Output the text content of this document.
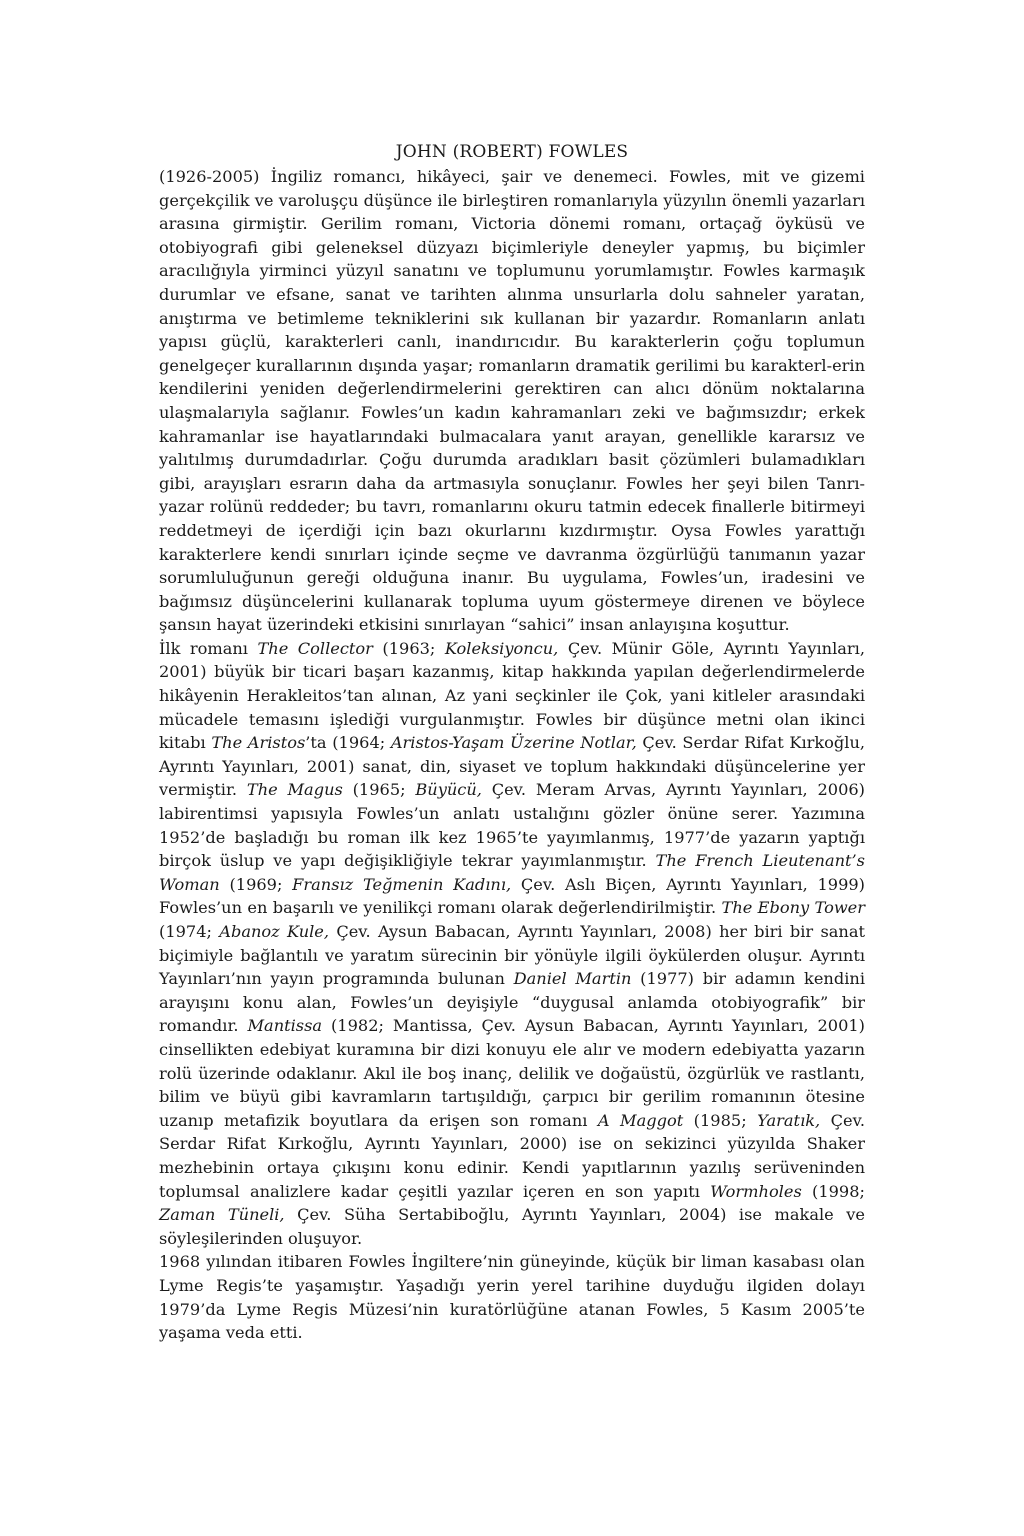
JOHN (ROBERT) FOWLES

(1926-2005) İngiliz romancı, hikâyeci, şair ve denemeci. Fowles, mit ve gizemi gerçekçilik ve varoluşçu düşünce ile birleştiren romanlarıyla yüzyılın önemli yazarları arasına girmiştir. Gerilim romanı, Victoria dönemi romanı, ortaçağ öyküsü ve otobiyografi gibi geleneksel düzyazı biçimleriyle deneyler yapmış, bu biçimler aracılığıyla yirminci yüzyıl sanatını ve toplumunu yorumlamıştır. Fowles karmaşık durumlar ve efsane, sanat ve tarihten alınma unsurlarla dolu sahneler yaratan, anıştırma ve betimleme tekniklerini sık kullanan bir yazardır. Romanların anlatı yapısı güçlü, karakterleri canlı, inandırıcıdır. Bu karakterlerin çoğu toplumun genelgeçer kurallarının dışında yaşar; romanların dramatik gerilimi bu karakterl-erin kendilerini yeniden değerlendirmelerini gerektiren can alıcı dönüm noktalarına ulaşmalarıyla sağlanır. Fowles’un kadın kahramanları zeki ve bağımsızdır; erkek kahramanlar ise hayatlarındaki bulmacalara yanıt arayan, genellikle kararsız ve yalıtılmış durumdadırlar. Çoğu durumda aradıkları basit çözümleri bulamadıkları gibi, arayışları esrarın daha da artmasıyla sonuçlanır. Fowles her şeyi bilen Tanrı-yazar rolünü reddeder; bu tavrı, romanlarını okuru tatmin edecek finallerle bitirmeyi reddetmeyi de içerdiği için bazı okurlarını kızdırmıştır. Oysa Fowles yarattığı karakterlere kendi sınırları içinde seçme ve davranma özgürlüğü tanımanın yazar sorumluluğunun gereği olduğuna inanır. Bu uygulama, Fowles’un, iradesini ve bağımsız düşüncelerini kullanarak topluma uyum göstermeye direnen ve böylece şansın hayat üzerindeki etkisini sınırlayan “sahici” insan anlayışına koşuttur.

İlk romanı The Collector (1963; Koleksiyoncu, Çev. Münir Göle, Ayrıntı Yayınları, 2001) büyük bir ticari başarı kazanmış, kitap hakkında yapılan değerlendirmelerde hikâyenin Herakleitos’tan alınan, Az yani seçkinler ile Çok, yani kitleler arasındaki mücadele temasını işlediği vurgulanmıştır. Fowles bir düşünce metni olan ikinci kitabı The Aristos’ta (1964; Aristos-Yaşam Üzerine Notlar, Çev. Serdar Rifat Kırkoğlu, Ayrıntı Yayınları, 2001) sanat, din, siyaset ve toplum hakkındaki düşüncelerine yer vermiştir. The Magus (1965; Büyücü, Çev. Meram Arvas, Ayrıntı Yayınları, 2006) labirentimsi yapısıyla Fowles’un anlatı ustalığını gözler önüne serer. Yazımına 1952’de başladığı bu roman ilk kez 1965’te yayımlanmış, 1977’de yazarın yaptığı birçok üslup ve yapı değişikliğiyle tekrar yayımlanmıştır. The French Lieutenant’s Woman (1969; Fransız Teğmenin Kadını, Çev. Aslı Biçen, Ayrıntı Yayınları, 1999) Fowles’un en başarılı ve yenilikçi romanı olarak değerlendirilmiştir. The Ebony Tower (1974; Abanoz Kule, Çev. Aysun Babacan, Ayrıntı Yayınları, 2008) her biri bir sanat biçimiyle bağlantılı ve yaratım sürecinin bir yönüyle ilgili öykülerden oluşur. Ayrıntı Yayınları’nın yayın programında bulunan Daniel Martin (1977) bir adamın kendini arayışını konu alan, Fowles’un deyişiyle “duygusal anlamda otobiyografik” bir romandır. Mantissa (1982; Mantissa, Çev. Aysun Babacan, Ayrıntı Yayınları, 2001) cinsellikten edebiyat kuramına bir dizi konuyu ele alır ve modern edebiyatta yazarın rolü üzerinde odaklanır. Akıl ile boş inanç, delilik ve doğaüstü, özgürlük ve rastlantı, bilim ve büyü gibi kavramların tartışıldığı, çarpıcı bir gerilim romanının ötesine uzanıp metafizik boyutlara da erişen son romanı A Maggot (1985; Yaratık, Çev. Serdar Rifat Kırkoğlu, Ayrıntı Yayınları, 2000) ise on sekizinci yüzyılda Shaker mezhebinin ortaya çıkışını konu edinir. Kendi yapıtlarının yazılış serüveninden toplumsal analizlere kadar çeşitli yazılar içeren en son yapıtı Wormholes (1998; Zaman Tüneli, Çev. Süha Sertabiboğlu, Ayrıntı Yayınları, 2004) ise makale ve söyleşilerinden oluşuyor.

1968 yılından itibaren Fowles İngiltere’nin güneyinde, küçük bir liman kasabası olan Lyme Regis’te yaşamıştır. Yaşadığı yerin yerel tarihine duyduğu ilgiden dolayı 1979’da Lyme Regis Müzesi’nin kuratörlüğüne atanan Fowles, 5 Kasım 2005’te yaşama veda etti.
